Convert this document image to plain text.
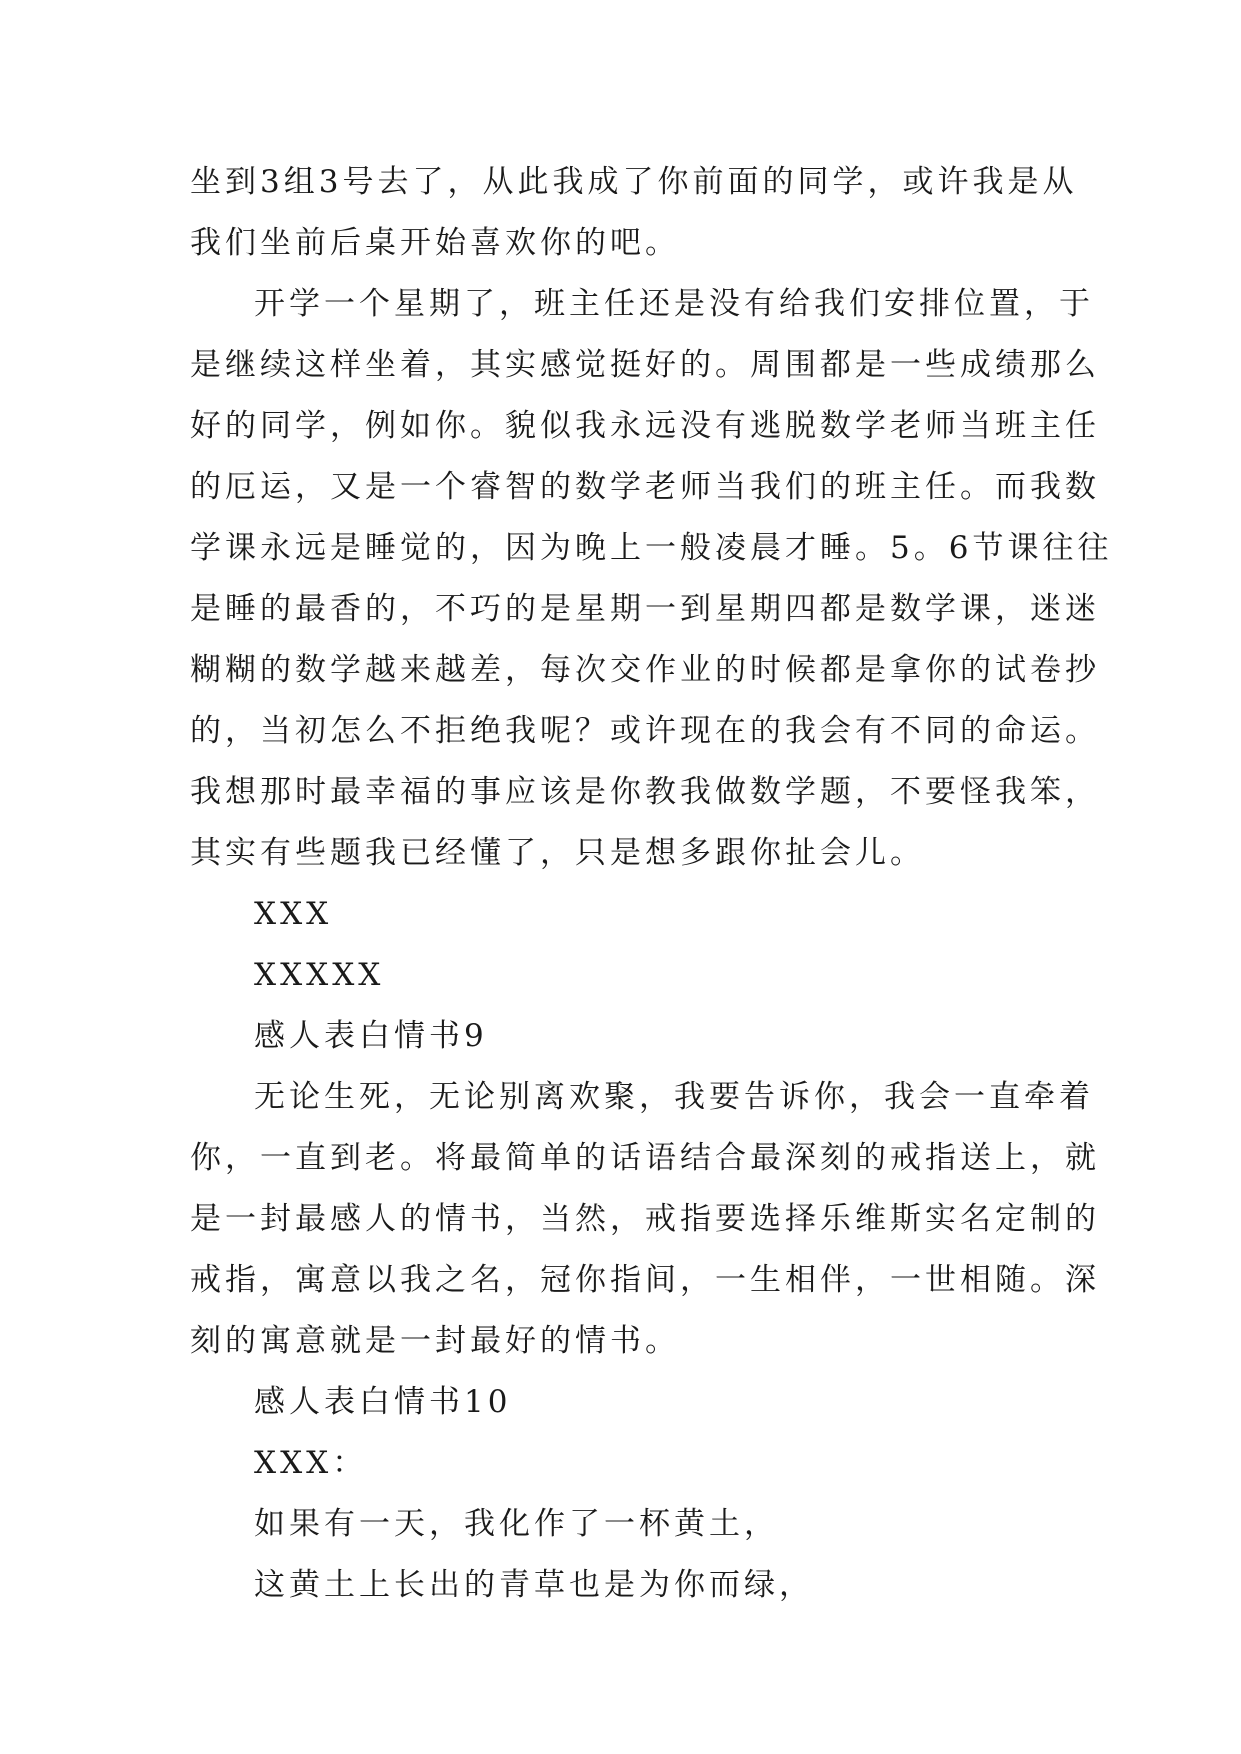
坐到3组3号去了，从此我成了你前面的同学，或许我是从
我们坐前后桌开始喜欢你的吧。
开学一个星期了，班主任还是没有给我们安排位置，于
是继续这样坐着，其实感觉挺好的。周围都是一些成绩那么
好的同学，例如你。貌似我永远没有逃脱数学老师当班主任
的厄运，又是一个睿智的数学老师当我们的班主任。而我数
学课永远是睡觉的，因为晚上一般凌晨才睡。5。6节课往往
是睡的最香的，不巧的是星期一到星期四都是数学课，迷迷
糊糊的数学越来越差，每次交作业的时候都是拿你的试卷抄
的，当初怎么不拒绝我呢？或许现在的我会有不同的命运。
我想那时最幸福的事应该是你教我做数学题，不要怪我笨，
其实有些题我已经懂了，只是想多跟你扯会儿。
XXX
XXXXX
感人表白情书9
无论生死，无论别离欢聚，我要告诉你，我会一直牵着
你，一直到老。将最简单的话语结合最深刻的戒指送上，就
是一封最感人的情书，当然，戒指要选择乐维斯实名定制的
戒指，寓意以我之名，冠你指间，一生相伴，一世相随。深
刻的寓意就是一封最好的情书。
感人表白情书10
XXX：
如果有一天，我化作了一杯黄土，
这黄土上长出的青草也是为你而绿，
